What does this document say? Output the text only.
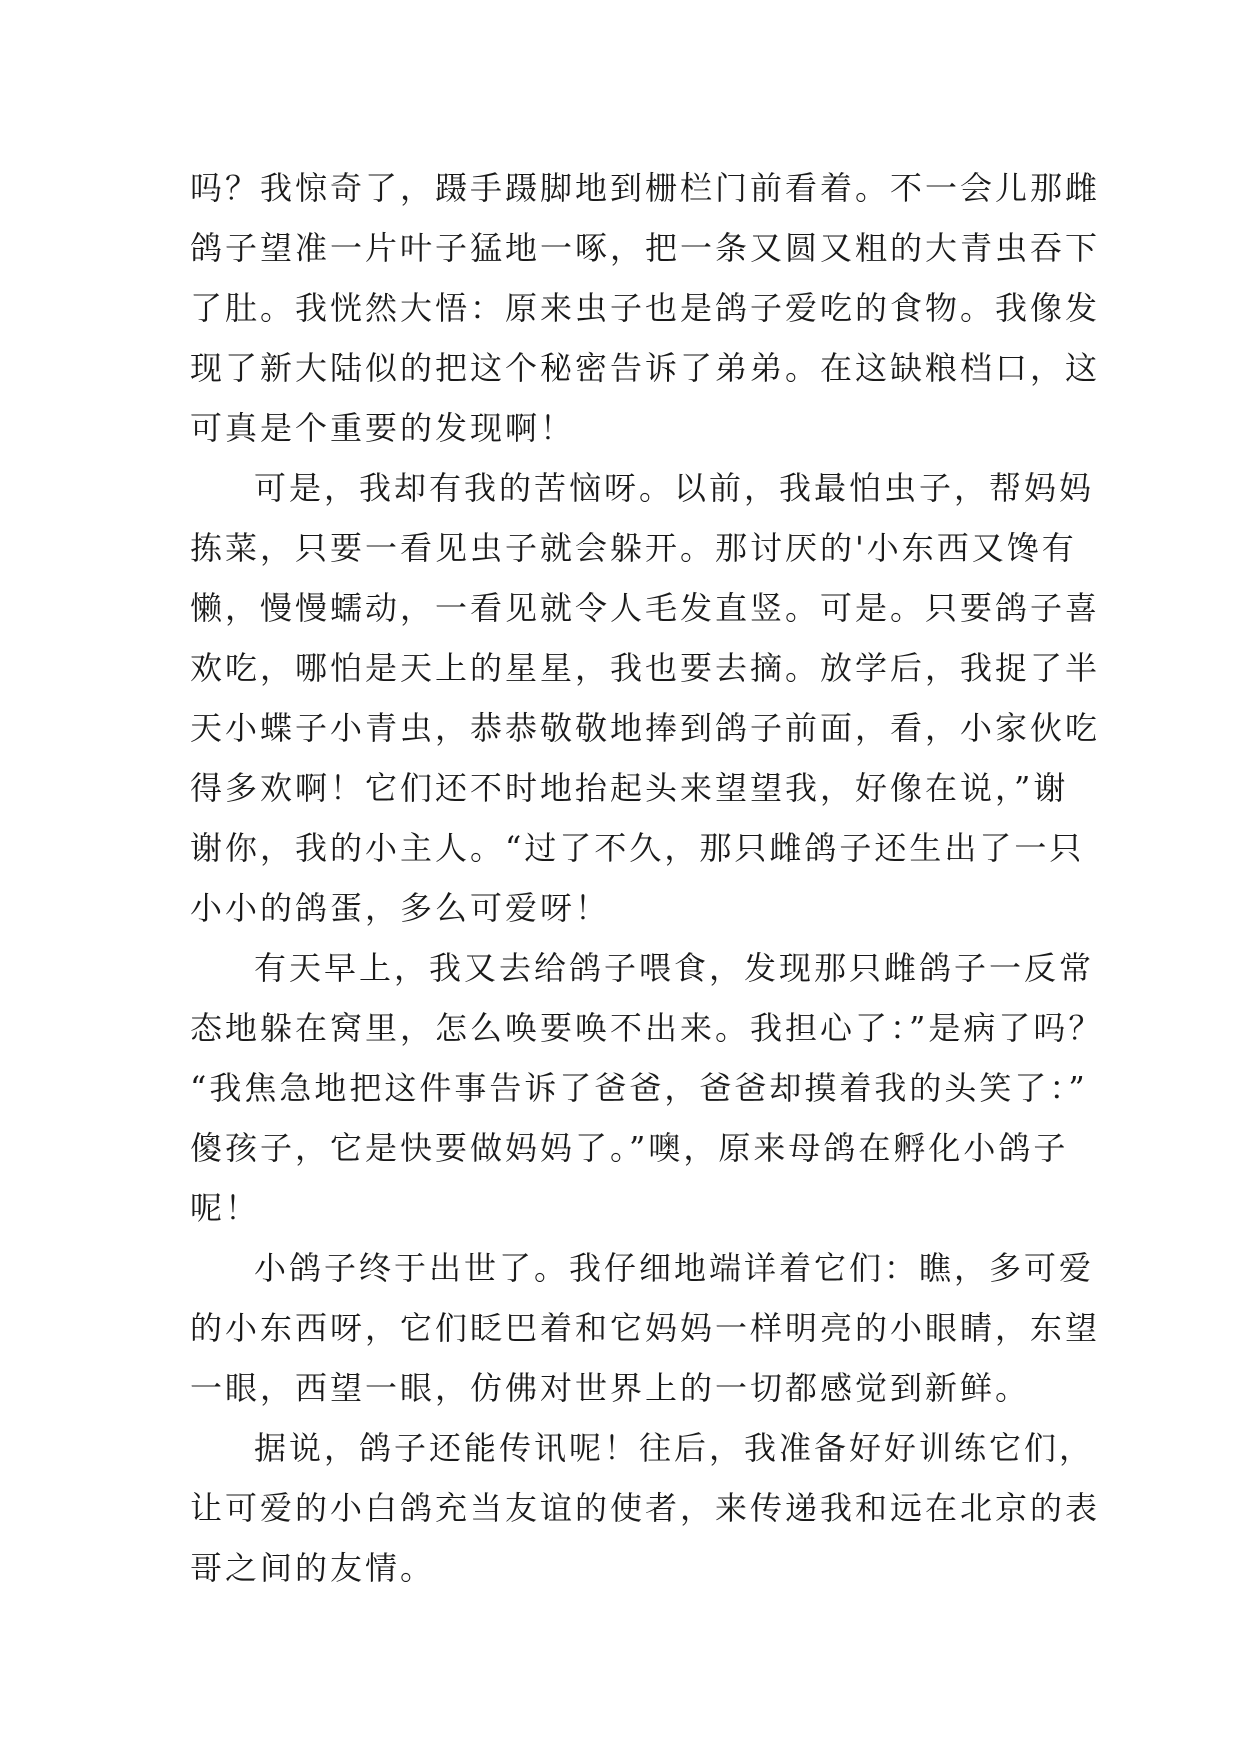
吗？我惊奇了，蹑手蹑脚地到栅栏门前看着。不一会儿那雌
鸽子望准一片叶子猛地一啄，把一条又圆又粗的大青虫吞下
了肚。我恍然大悟：原来虫子也是鸽子爱吃的食物。我像发
现了新大陆似的把这个秘密告诉了弟弟。在这缺粮档口，这
可真是个重要的发现啊！
可是，我却有我的苦恼呀。以前，我最怕虫子，帮妈妈
拣菜，只要一看见虫子就会躲开。那讨厌的'小东西又馋有
懒，慢慢蠕动，一看见就令人毛发直竖。可是。只要鸽子喜
欢吃，哪怕是天上的星星，我也要去摘。放学后，我捉了半
天小蝶子小青虫，恭恭敬敬地捧到鸽子前面，看，小家伙吃
得多欢啊！它们还不时地抬起头来望望我，好像在说，”谢
谢你，我的小主人。“过了不久，那只雌鸽子还生出了一只
小小的鸽蛋，多么可爱呀！
有天早上，我又去给鸽子喂食，发现那只雌鸽子一反常
态地躲在窝里，怎么唤要唤不出来。我担心了：”是病了吗？
“我焦急地把这件事告诉了爸爸，爸爸却摸着我的头笑了：”
傻孩子，它是快要做妈妈了。”噢，原来母鸽在孵化小鸽子
呢！
小鸽子终于出世了。我仔细地端详着它们：瞧，多可爱
的小东西呀，它们眨巴着和它妈妈一样明亮的小眼睛，东望
一眼，西望一眼，仿佛对世界上的一切都感觉到新鲜。
据说，鸽子还能传讯呢！往后，我准备好好训练它们，
让可爱的小白鸽充当友谊的使者，来传递我和远在北京的表
哥之间的友情。
